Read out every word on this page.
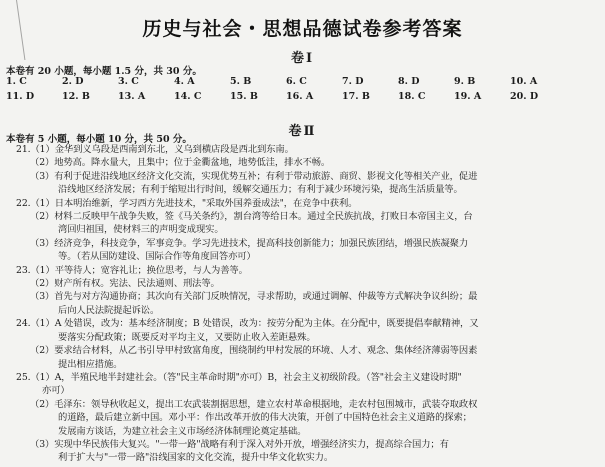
历史与社会・思想品德试卷参考答案
卷Ⅰ
本卷有 20 小题，每小题 1.5 分，共 30 分。
1. C	2. D	3. C	4. A	5. B	6. C	7. D	8. D	9. B	10. A
11. D	12. B	13. A	14. C	15. B	16. A	17. B	18. C	19. A	20. D
卷Ⅱ
本卷有 5 小题，每小题 10 分，共 50 分。
21.（1）金华到义乌段是西南到东北，义乌到横店段是西北到东南。
（2）地势高。降水量大，且集中；位于金衢盆地，地势低洼，排水不畅。
（3）有利于促进沿线地区经济文化交流，实现优势互补；有利于带动旅游、商贸、影视文化等相关产业，促进
沿线地区经济发展；有利于缩短出行时间，缓解交通压力；有利于减少环境污染，提高生活质量等。
22.（1）日本明治维新，学习西方先进技术，"采取外国养蚕成法"，在竞争中获利。
（2）材料二反映甲午战争失败，签《马关条约》，割台湾等给日本。通过全民族抗战，打败日本帝国主义，台
湾回归祖国，使材料三的声明变成现实。
（3）经济竞争，科技竞争，军事竞争。学习先进技术，提高科技创新能力；加强民族团结，增强民族凝聚力
等。（若从国防建设、国际合作等角度回答亦可）
23.（1）平等待人；宽容礼让；换位思考，与人为善等。
（2）财产所有权。宪法、民法通则、刑法等。
（3）首先与对方沟通协商；其次向有关部门反映情况，寻求帮助，或通过调解、仲裁等方式解决争议纠纷；最
后向人民法院提起诉讼。
24.（1）A 处错误，改为：基本经济制度；B 处错误，改为：按劳分配为主体。在分配中，既要提倡奉献精神，又
要落实分配政策；既要反对平均主义，又要防止收入差距悬殊。
（2）要求结合材料，从乙书引导甲村致富角度，围绕制约甲村发展的环境、人才、观念、集体经济薄弱等因素
提出相应措施。
25.（1）A，半殖民地半封建社会。（答"民主革命时期"亦可）B，社会主义初级阶段。（答"社会主义建设时期"
亦可）
（2）毛泽东：领导秋收起义，提出工农武装割据思想，建立农村革命根据地，走农村包围城市，武装夺取政权
的道路，最后建立新中国。邓小平：作出改革开放的伟大决策，开创了中国特色社会主义道路的探索；
发展南方谈话，为建立社会主义市场经济体制理论奠定基础。
（3）实现中华民族伟大复兴。"一带一路"战略有利于深入对外开放，增强经济实力，提高综合国力；有
利于扩大与"一带一路"沿线国家的文化交流，提升中华文化软实力。
